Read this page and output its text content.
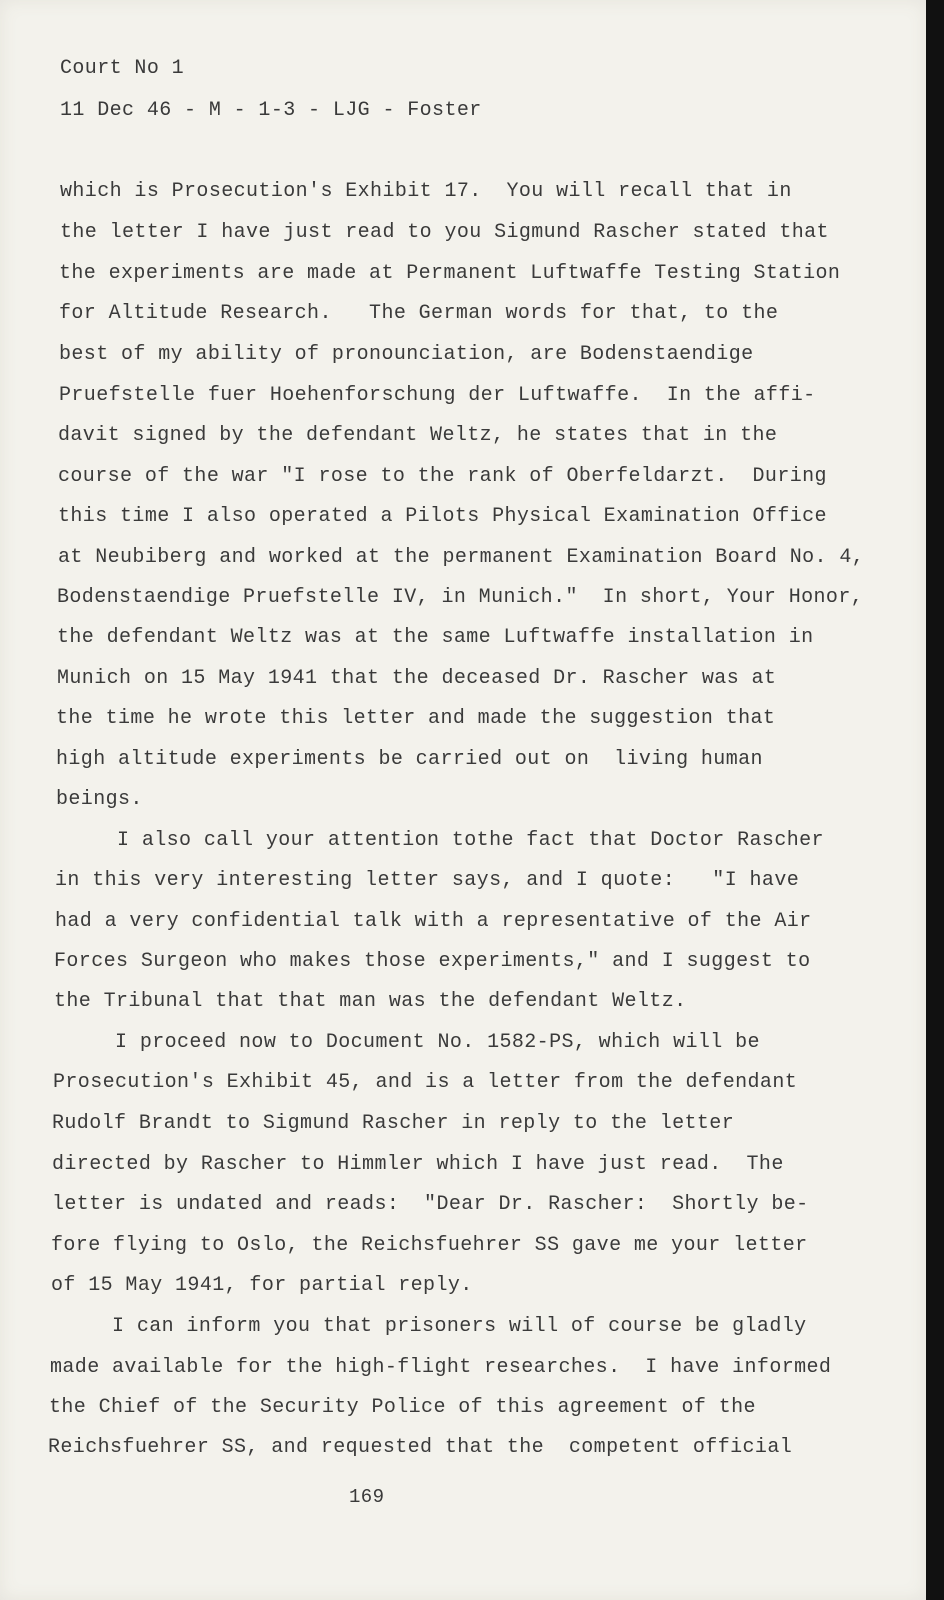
Court No 1
11 Dec 46 - M - 1-3 - LJG - Foster
which is Prosecution's Exhibit 17.  You will recall that in
the letter I have just read to you Sigmund Rascher stated that
the experiments are made at Permanent Luftwaffe Testing Station
for Altitude Research.   The German words for that, to the
best of my ability of pronounciation, are Bodenstaendige
Pruefstelle fuer Hoehenforschung der Luftwaffe.  In the affi-
davit signed by the defendant Weltz, he states that in the
course of the war "I rose to the rank of Oberfeldarzt.  During
this time I also operated a Pilots Physical Examination Office
at Neubiberg and worked at the permanent Examination Board No. 4,
Bodenstaendige Pruefstelle IV, in Munich."  In short, Your Honor,
the defendant Weltz was at the same Luftwaffe installation in
Munich on 15 May 1941 that the deceased Dr. Rascher was at
the time he wrote this letter and made the suggestion that
high altitude experiments be carried out on  living human
beings.
I also call your attention tothe fact that Doctor Rascher
in this very interesting letter says, and I quote:   "I have
had a very confidential talk with a representative of the Air
Forces Surgeon who makes those experiments," and I suggest to
the Tribunal that that man was the defendant Weltz.
I proceed now to Document No. 1582-PS, which will be
Prosecution's Exhibit 45, and is a letter from the defendant
Rudolf Brandt to Sigmund Rascher in reply to the letter
directed by Rascher to Himmler which I have just read.  The
letter is undated and reads:  "Dear Dr. Rascher:  Shortly be-
fore flying to Oslo, the Reichsfuehrer SS gave me your letter
of 15 May 1941, for partial reply.
I can inform you that prisoners will of course be gladly
made available for the high-flight researches.  I have informed
the Chief of the Security Police of this agreement of the
Reichsfuehrer SS, and requested that the  competent official
169
